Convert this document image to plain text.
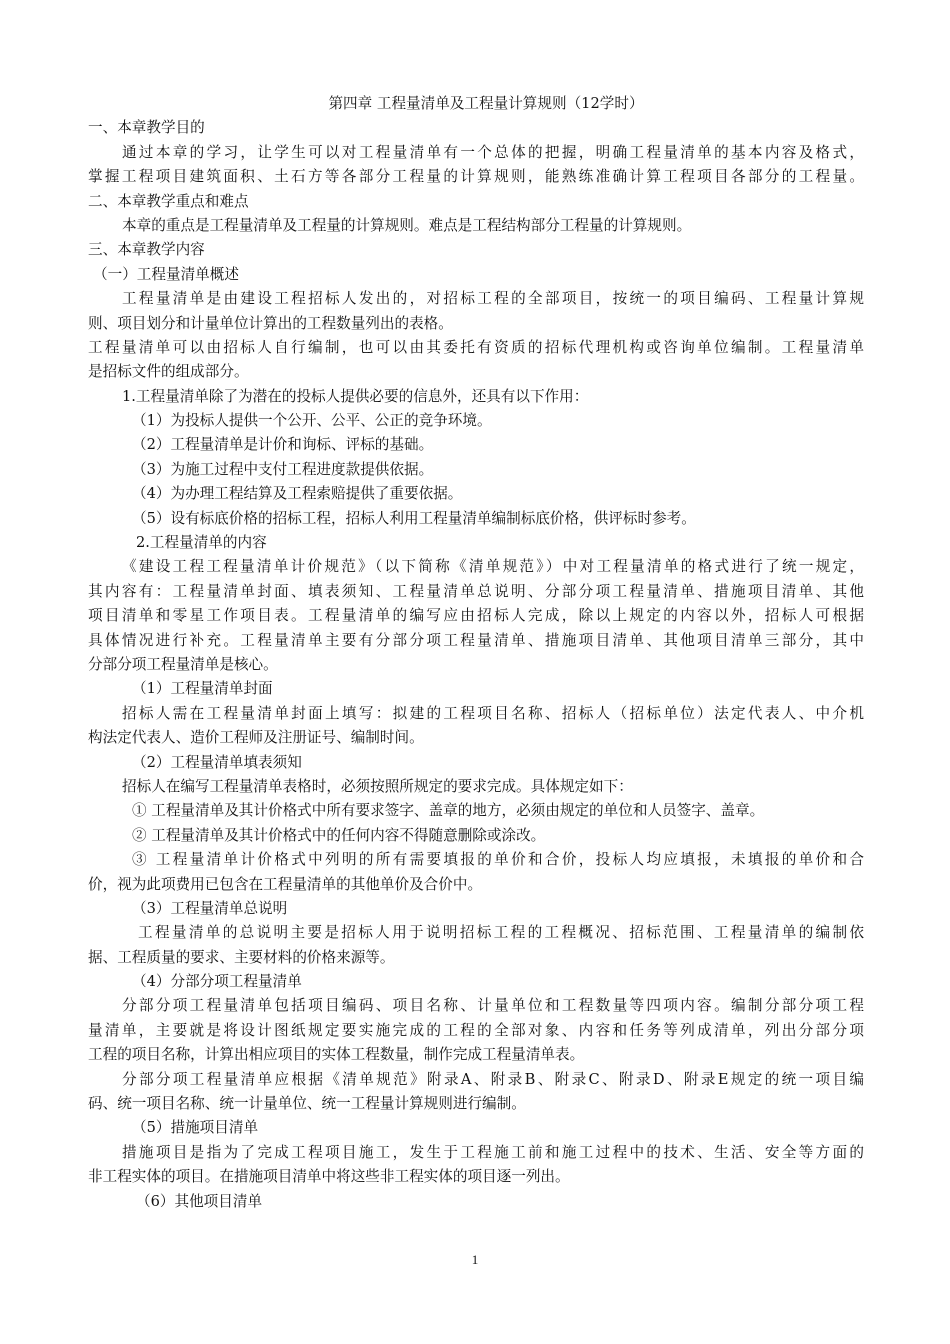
第四章 工程量清单及工程量计算规则（12学时）
一、本章教学目的
通过本章的学习，让学生可以对工程量清单有一个总体的把握，明确工程量清单的基本内容及格式，
掌握工程项目建筑面积、土石方等各部分工程量的计算规则，能熟练准确计算工程项目各部分的工程量。
二、本章教学重点和难点
本章的重点是工程量清单及工程量的计算规则。难点是工程结构部分工程量的计算规则。
三、本章教学内容
（一）工程量清单概述
工程量清单是由建设工程招标人发出的，对招标工程的全部项目，按统一的项目编码、工程量计算规
则、项目划分和计量单位计算出的工程数量列出的表格。
工程量清单可以由招标人自行编制，也可以由其委托有资质的招标代理机构或咨询单位编制。工程量清单
是招标文件的组成部分。
1.工程量清单除了为潜在的投标人提供必要的信息外，还具有以下作用：
（1）为投标人提供一个公开、公平、公正的竞争环境。
（2）工程量清单是计价和询标、评标的基础。
（3）为施工过程中支付工程进度款提供依据。
（4）为办理工程结算及工程索赔提供了重要依据。
（5）设有标底价格的招标工程，招标人利用工程量清单编制标底价格，供评标时参考。
2.工程量清单的内容
《建设工程工程量清单计价规范》（以下简称《清单规范》）中对工程量清单的格式进行了统一规定，
其内容有：工程量清单封面、填表须知、工程量清单总说明、分部分项工程量清单、措施项目清单、其他
项目清单和零星工作项目表。工程量清单的编写应由招标人完成，除以上规定的内容以外，招标人可根据
具体情况进行补充。工程量清单主要有分部分项工程量清单、措施项目清单、其他项目清单三部分，其中
分部分项工程量清单是核心。
（1）工程量清单封面
招标人需在工程量清单封面上填写：拟建的工程项目名称、招标人（招标单位）法定代表人、中介机
构法定代表人、造价工程师及注册证号、编制时间。
（2）工程量清单填表须知
招标人在编写工程量清单表格时，必须按照所规定的要求完成。具体规定如下：
① 工程量清单及其计价格式中所有要求签字、盖章的地方，必须由规定的单位和人员签字、盖章。
② 工程量清单及其计价格式中的任何内容不得随意删除或涂改。
③ 工程量清单计价格式中列明的所有需要填报的单价和合价，投标人均应填报，未填报的单价和合
价，视为此项费用已包含在工程量清单的其他单价及合价中。
（3）工程量清单总说明
工程量清单的总说明主要是招标人用于说明招标工程的工程概况、招标范围、工程量清单的编制依
据、工程质量的要求、主要材料的价格来源等。
（4）分部分项工程量清单
分部分项工程量清单包括项目编码、项目名称、计量单位和工程数量等四项内容。编制分部分项工程
量清单，主要就是将设计图纸规定要实施完成的工程的全部对象、内容和任务等列成清单，列出分部分项
工程的项目名称，计算出相应项目的实体工程数量，制作完成工程量清单表。
分部分项工程量清单应根据《清单规范》附录A、附录B、附录C、附录D、附录E规定的统一项目编
码、统一项目名称、统一计量单位、统一工程量计算规则进行编制。
（5）措施项目清单
措施项目是指为了完成工程项目施工，发生于工程施工前和施工过程中的技术、生活、安全等方面的
非工程实体的项目。在措施项目清单中将这些非工程实体的项目逐一列出。
（6）其他项目清单
1
